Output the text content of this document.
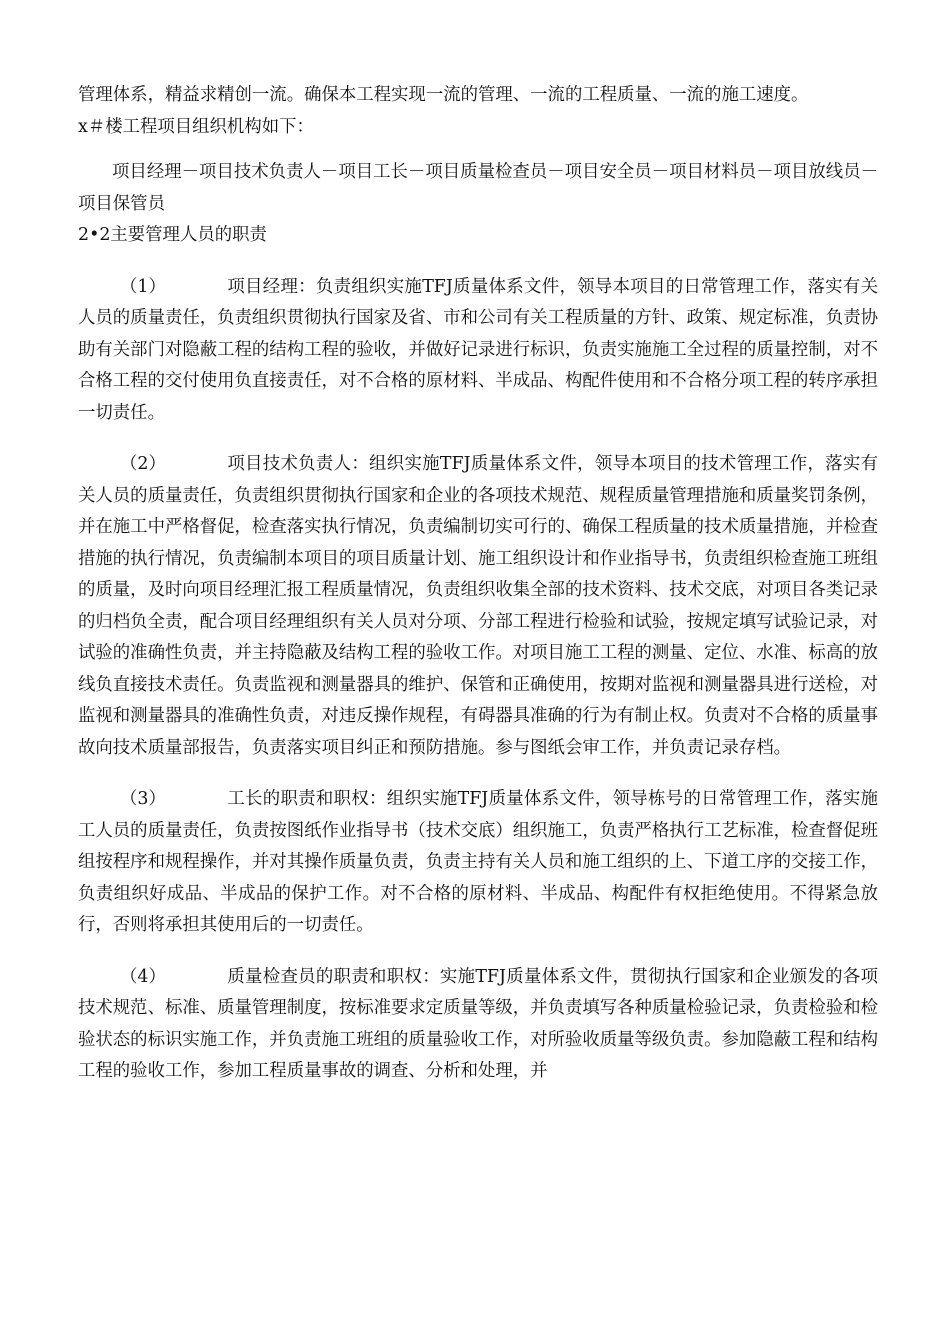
管理体系，精益求精创一流。确保本工程实现一流的管理、一流的工程质量、一流的施工速度。

x＃楼工程项目组织机构如下：

项目经理－项目技术负责人－项目工长－项目质量检查员－项目安全员－项目材料员－项目放线员－项目保管员

2•2主要管理人员的职责

（1）	项目经理：负责组织实施TFJ质量体系文件，领导本项目的日常管理工作，落实有关人员的质量责任，负责组织贯彻执行国家及省、市和公司有关工程质量的方针、政策、规定标准，负责协助有关部门对隐蔽工程的结构工程的验收，并做好记录进行标识，负责实施施工全过程的质量控制，对不合格工程的交付使用负直接责任，对不合格的原材料、半成品、构配件使用和不合格分项工程的转序承担一切责任。

（2）	项目技术负责人：组织实施TFJ质量体系文件，领导本项目的技术管理工作，落实有关人员的质量责任，负责组织贯彻执行国家和企业的各项技术规范、规程质量管理措施和质量奖罚条例，并在施工中严格督促，检查落实执行情况，负责编制切实可行的、确保工程质量的技术质量措施，并检查措施的执行情况，负责编制本项目的项目质量计划、施工组织设计和作业指导书，负责组织检查施工班组的质量，及时向项目经理汇报工程质量情况，负责组织收集全部的技术资料、技术交底，对项目各类记录的归档负全责，配合项目经理组织有关人员对分项、分部工程进行检验和试验，按规定填写试验记录，对试验的准确性负责，并主持隐蔽及结构工程的验收工作。对项目施工工程的测量、定位、水准、标高的放线负直接技术责任。负责监视和测量器具的维护、保管和正确使用，按期对监视和测量器具进行送检，对监视和测量器具的准确性负责，对违反操作规程，有碍器具准确的行为有制止权。负责对不合格的质量事故向技术质量部报告，负责落实项目纠正和预防措施。参与图纸会审工作，并负责记录存档。

（3）	工长的职责和职权：组织实施TFJ质量体系文件，领导栋号的日常管理工作，落实施工人员的质量责任，负责按图纸作业指导书（技术交底）组织施工，负责严格执行工艺标准，检查督促班组按程序和规程操作，并对其操作质量负责，负责主持有关人员和施工组织的上、下道工序的交接工作，负责组织好成品、半成品的保护工作。对不合格的原材料、半成品、构配件有权拒绝使用。不得紧急放行，否则将承担其使用后的一切责任。

（4）	质量检查员的职责和职权：实施TFJ质量体系文件，贯彻执行国家和企业颁发的各项技术规范、标准、质量管理制度，按标准要求定质量等级，并负责填写各种质量检验记录，负责检验和检验状态的标识实施工作，并负责施工班组的质量验收工作，对所验收质量等级负责。参加隐蔽工程和结构工程的验收工作，参加工程质量事故的调查、分析和处理，并
